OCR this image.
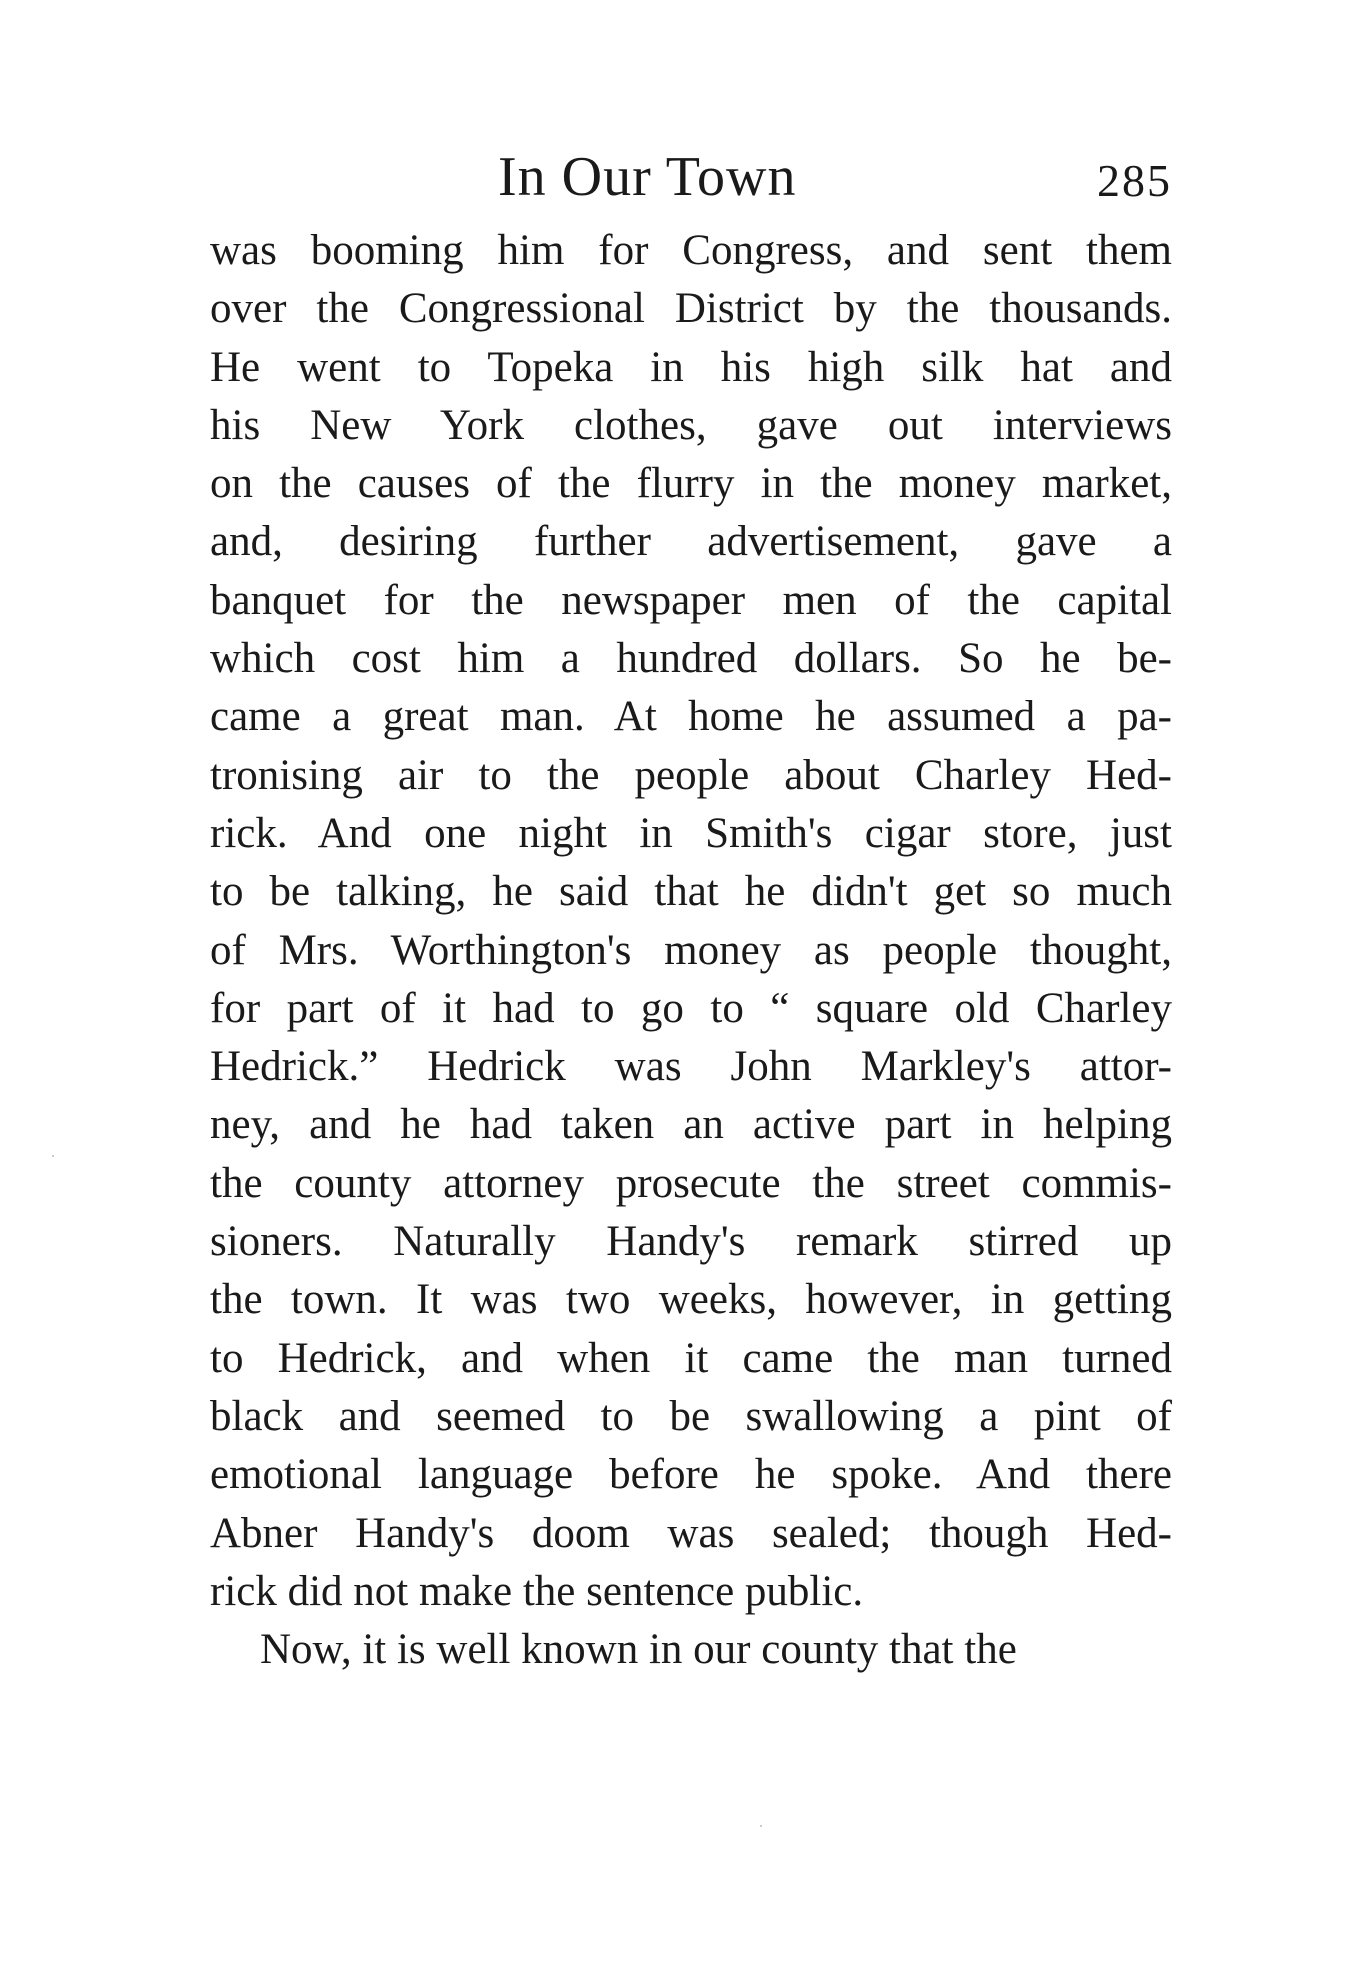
In Our Town	285
was booming him for Congress, and sent them
over the Congressional District by the thousands.
He went to Topeka in his high silk hat and
his New York clothes, gave out interviews
on the causes of the flurry in the money market,
and, desiring further advertisement, gave a
banquet for the newspaper men of the capital
which cost him a hundred dollars. So he be-
came a great man. At home he assumed a pa-
tronising air to the people about Charley Hed-
rick. And one night in Smith's cigar store, just
to be talking, he said that he didn't get so much
of Mrs. Worthington's money as people thought,
for part of it had to go to “ square old Charley
Hedrick.” Hedrick was John Markley's attor-
ney, and he had taken an active part in helping
the county attorney prosecute the street commis-
sioners. Naturally Handy's remark stirred up
the town. It was two weeks, however, in getting
to Hedrick, and when it came the man turned
black and seemed to be swallowing a pint of
emotional language before he spoke. And there
Abner Handy's doom was sealed; though Hed-
rick did not make the sentence public.
Now, it is well known in our county that the
